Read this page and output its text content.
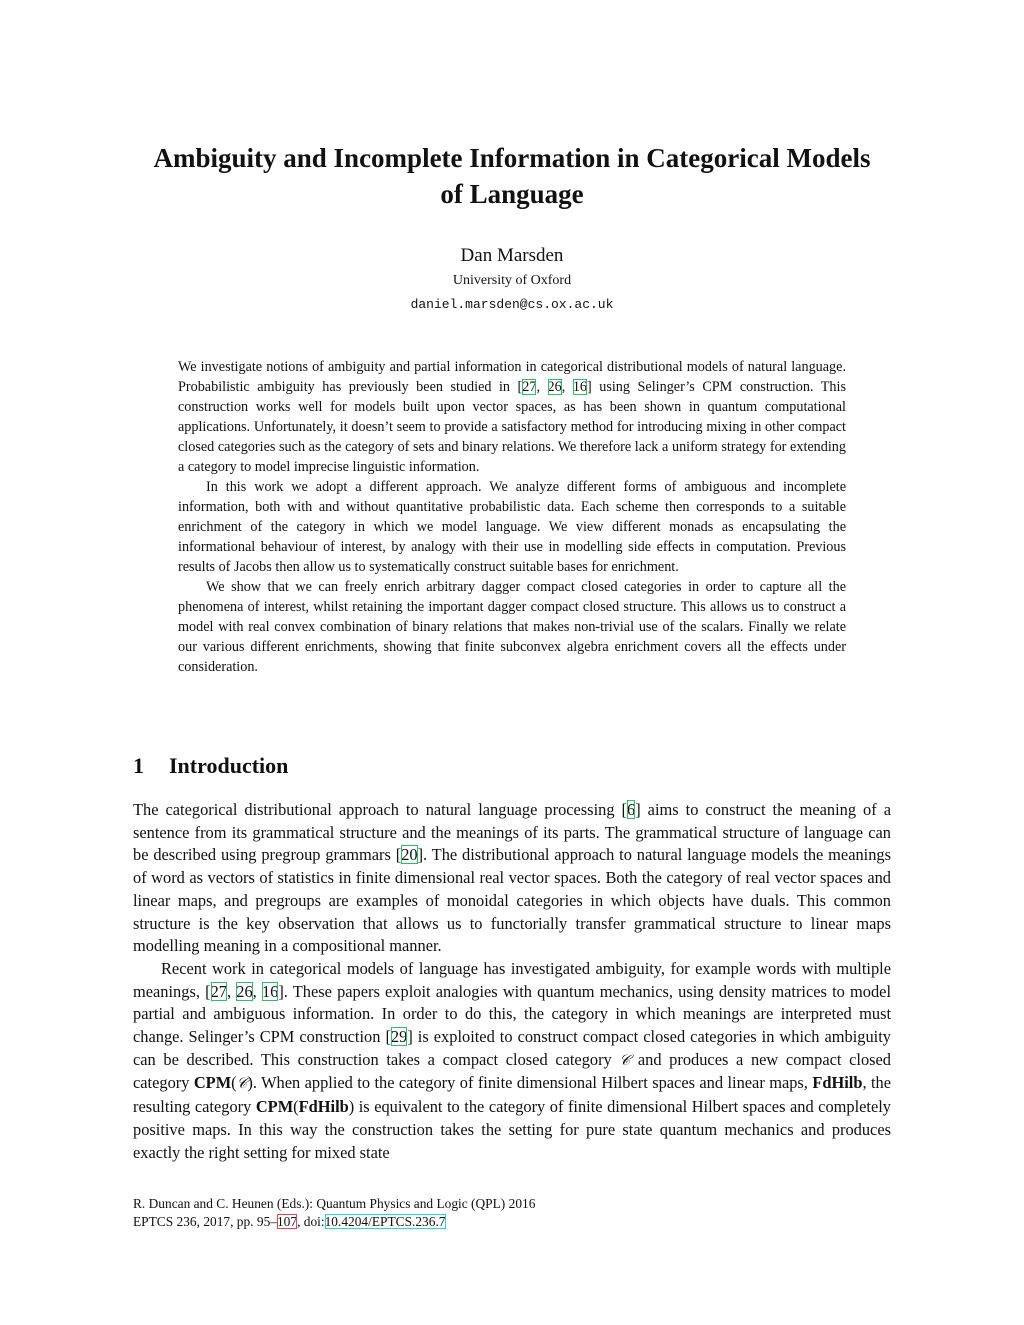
Ambiguity and Incomplete Information in Categorical Models of Language
Dan Marsden
University of Oxford
daniel.marsden@cs.ox.ac.uk

We investigate notions of ambiguity and partial information in categorical distributional models of natural language. Probabilistic ambiguity has previously been studied in [27, 26, 16] using Selinger’s CPM construction. This construction works well for models built upon vector spaces, as has been shown in quantum computational applications. Unfortunately, it doesn’t seem to provide a satisfactory method for introducing mixing in other compact closed categories such as the category of sets and binary relations. We therefore lack a uniform strategy for extending a category to model imprecise linguistic information.

In this work we adopt a different approach. We analyze different forms of ambiguous and incomplete information, both with and without quantitative probabilistic data. Each scheme then corresponds to a suitable enrichment of the category in which we model language. We view different monads as encapsulating the informational behaviour of interest, by analogy with their use in modelling side effects in computation. Previous results of Jacobs then allow us to systematically construct suitable bases for enrichment.

We show that we can freely enrich arbitrary dagger compact closed categories in order to capture all the phenomena of interest, whilst retaining the important dagger compact closed structure. This allows us to construct a model with real convex combination of binary relations that makes non-trivial use of the scalars. Finally we relate our various different enrichments, showing that finite subconvex algebra enrichment covers all the effects under consideration.

1 Introduction

The categorical distributional approach to natural language processing [6] aims to construct the meaning of a sentence from its grammatical structure and the meanings of its parts. The grammatical structure of language can be described using pregroup grammars [20]. The distributional approach to natural language models the meanings of word as vectors of statistics in finite dimensional real vector spaces. Both the category of real vector spaces and linear maps, and pregroups are examples of monoidal categories in which objects have duals. This common structure is the key observation that allows us to functorially transfer grammatical structure to linear maps modelling meaning in a compositional manner.

Recent work in categorical models of language has investigated ambiguity, for example words with multiple meanings, [27, 26, 16]. These papers exploit analogies with quantum mechanics, using density matrices to model partial and ambiguous information. In order to do this, the category in which meanings are interpreted must change. Selinger’s CPM construction [29] is exploited to construct compact closed categories in which ambiguity can be described. This construction takes a compact closed category 𝒞 and produces a new compact closed category CPM(𝒞). When applied to the category of finite dimensional Hilbert spaces and linear maps, FdHilb, the resulting category CPM(FdHilb) is equivalent to the category of finite dimensional Hilbert spaces and completely positive maps. In this way the construction takes the setting for pure state quantum mechanics and produces exactly the right setting for mixed state

R. Duncan and C. Heunen (Eds.): Quantum Physics and Logic (QPL) 2016
EPTCS 236, 2017, pp. 95–107, doi:10.4204/EPTCS.236.7
